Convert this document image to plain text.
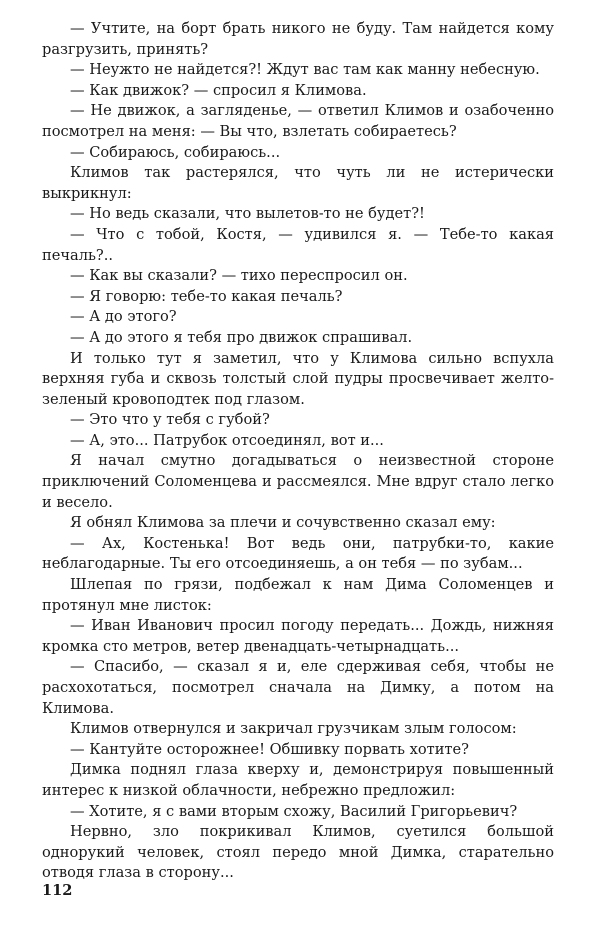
— Учтите, на борт брать никого не буду. Там найдется кому разгрузить, принять?

— Неужто не найдется?! Ждут вас там как манну небесную.

— Как движок? — спросил я Климова.

— Не движок, а загляденье, — ответил Климов и озабоченно посмотрел на меня: — Вы что, взлетать собираетесь?

— Собираюсь, собираюсь...

Климов так растерялся, что чуть ли не истерически выкрикнул:

— Но ведь сказали, что вылетов-то не будет?!

— Что с тобой, Костя, — удивился я. — Тебе-то какая печаль?..

— Как вы сказали? — тихо переспросил он.

— Я говорю: тебе-то какая печаль?

— А до этого?

— А до этого я тебя про движок спрашивал.

И только тут я заметил, что у Климова сильно вспухла верхняя губа и сквозь толстый слой пудры просвечивает желто-зеленый кровоподтек под глазом.

— Это что у тебя с губой?

— А, это... Патрубок отсоединял, вот и...

Я начал смутно догадываться о неизвестной стороне приключений Соломенцева и рассмеялся. Мне вдруг стало легко и весело.

Я обнял Климова за плечи и сочувственно сказал ему:

— Ах, Костенька! Вот ведь они, патрубки-то, какие неблагодарные. Ты его отсоединяешь, а он тебя — по зубам...

Шлепая по грязи, подбежал к нам Дима Соломенцев и протянул мне листок:

— Иван Иванович просил погоду передать... Дождь, нижняя кромка сто метров, ветер двенадцать-четырнадцать...

— Спасибо, — сказал я и, еле сдерживая себя, чтобы не расхохотаться, посмотрел сначала на Димку, а потом на Климова.

Климов отвернулся и закричал грузчикам злым голосом:

— Кантуйте осторожнее! Обшивку порвать хотите?

Димка поднял глаза кверху и, демонстрируя повышенный интерес к низкой облачности, небрежно предложил:

— Хотите, я с вами вторым схожу, Василий Григорьевич?

Нервно, зло покрикивал Климов, суетился большой однорукий человек, стоял передо мной Димка, старательно отводя глаза в сторону...

112
